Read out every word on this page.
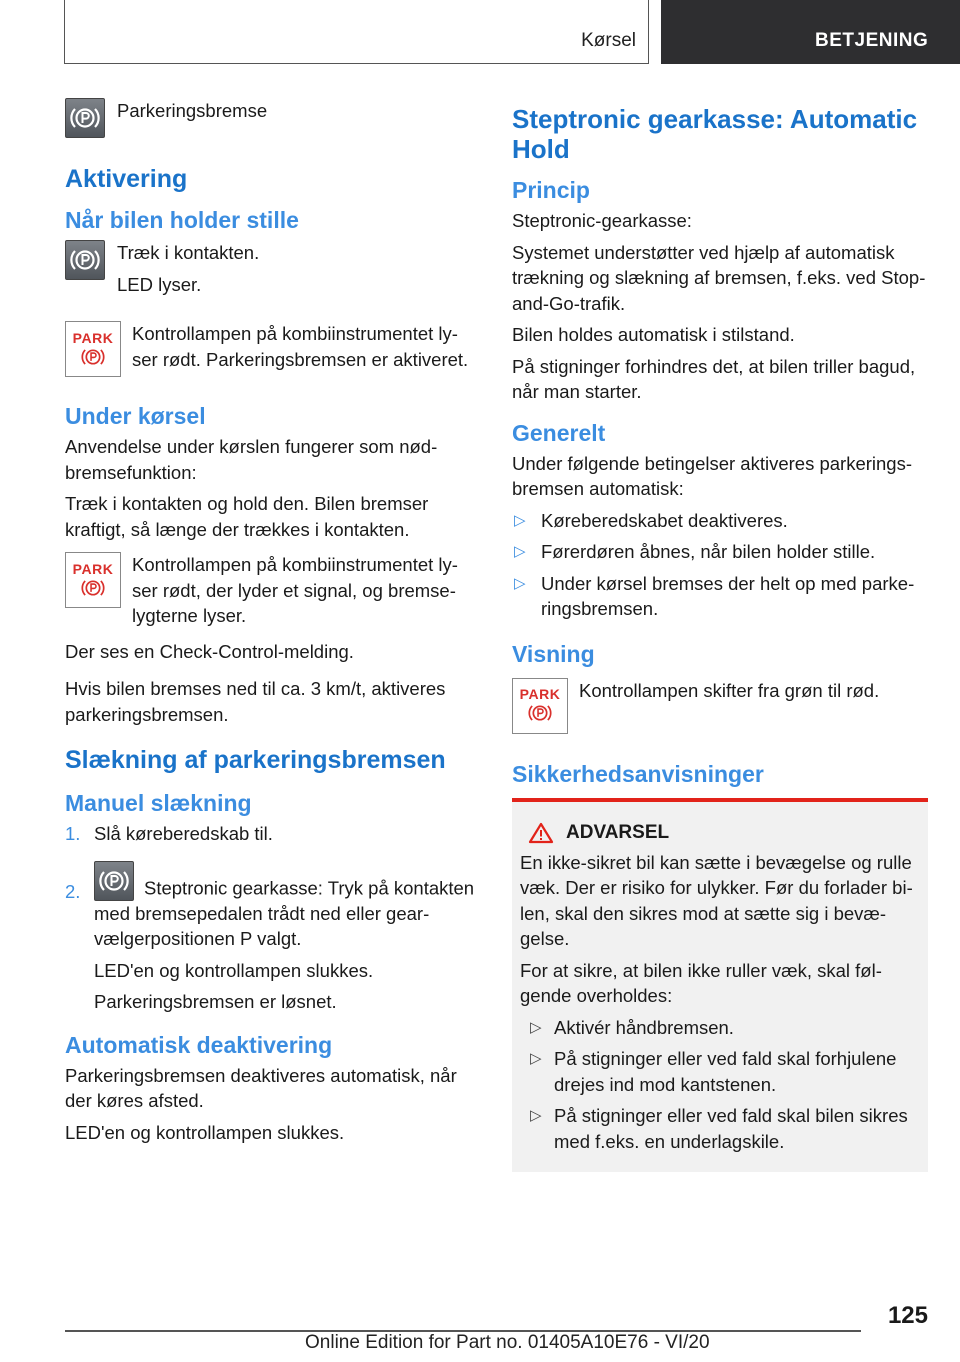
Kørsel	BETJENING

Parkeringsbremse

Aktivering
Når bilen holder stille

Træk i kontakten.

LED lyser.

PARK Kontrollampen på kombiinstrumentet lyser rødt. Parkeringsbremsen er aktiveret.

Under kørsel

Anvendelse under kørslen fungerer som nødbremsefunktion:

Træk i kontakten og hold den. Bilen bremser kraftigt, så længe der trækkes i kontakten.

PARK Kontrollampen på kombiinstrumentet lyser rødt, der lyder et signal, og bremselygterne lyser.

Der ses en Check-Control-melding.

Hvis bilen bremses ned til ca. 3 km/t, aktiveres parkeringsbremsen.

Slækning af parkeringsbremsen
Manuel slækning
1. Slå køreberedskab til.
2.	Steptronic gearkasse: Tryk på kontakten med bremsepedalen trådt ned eller gearvælgerpositionen P valgt.

LED'en og kontrollampen slukkes.

Parkeringsbremsen er løsnet.

Automatisk deaktivering

Parkeringsbremsen deaktiveres automatisk, når der køres afsted.

LED'en og kontrollampen slukkes.

Steptronic gearkasse: Automatic Hold
Princip

Steptronic-gearkasse:

Systemet understøtter ved hjælp af automatisk trækning og slækning af bremsen, f.eks. ved Stop-and-Go-trafik.

Bilen holdes automatisk i stilstand.

På stigninger forhindres det, at bilen triller bagud, når man starter.

Generelt

Under følgende betingelser aktiveres parkeringsbremsen automatisk:

▷ Køreberedskabet deaktiveres.
▷ Førerdøren åbnes, når bilen holder stille.
▷ Under kørsel bremses der helt op med parkeringsbremsen.
Visning
PARK Kontrollampen skifter fra grøn til rød.

Sikkerhedsanvisninger
ADVARSEL

En ikke-sikret bil kan sætte i bevægelse og rulle væk. Der er risiko for ulykker. Før du forlader bilen, skal den sikres mod at sætte sig i bevægelse.

For at sikre, at bilen ikke ruller væk, skal følgende overholdes:

▷ Aktivér håndbremsen.
▷ På stigninger eller ved fald skal forhjulene drejes ind mod kantstenen.
▷ På stigninger eller ved fald skal bilen sikres med f.eks. en underlagskile.
125
Online Edition for Part no. 01405A10E76 - VI/20
